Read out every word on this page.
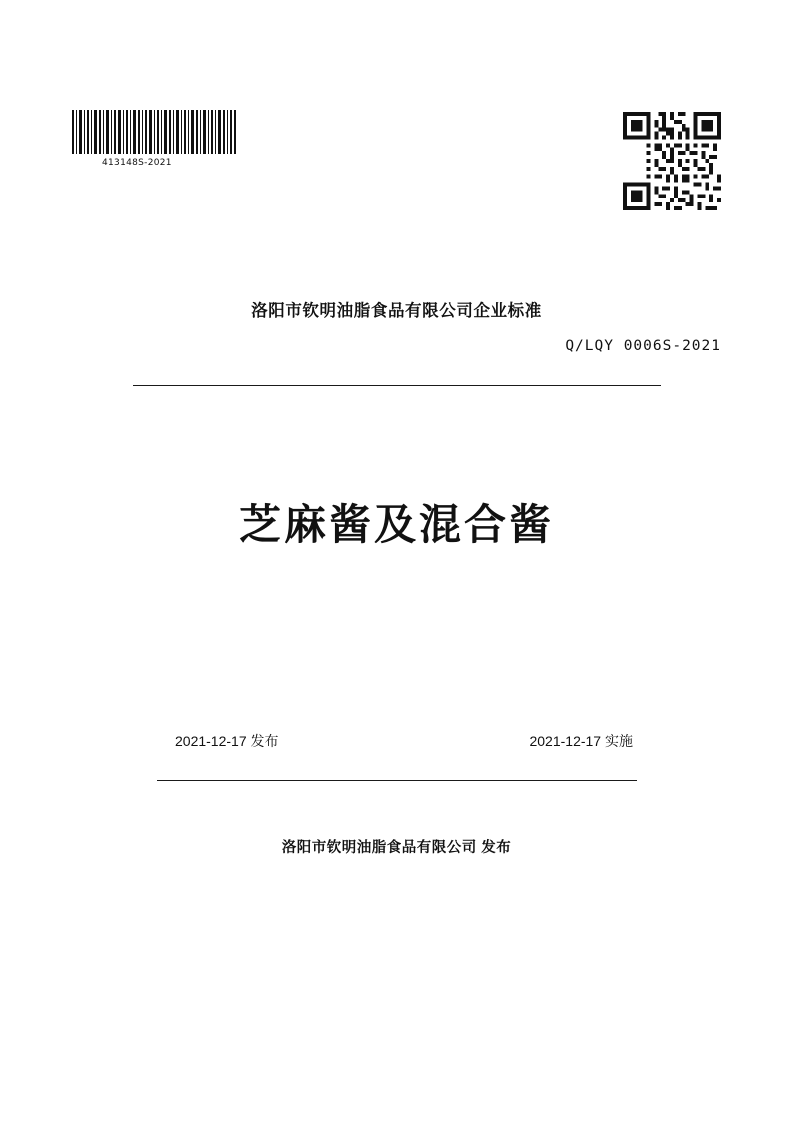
413148S-2021
洛阳市钦明油脂食品有限公司企业标准
Q/LQY 0006S-2021
芝麻酱及混合酱
2021-12-17 发布	2021-12-17 实施
洛阳市钦明油脂食品有限公司 发布
